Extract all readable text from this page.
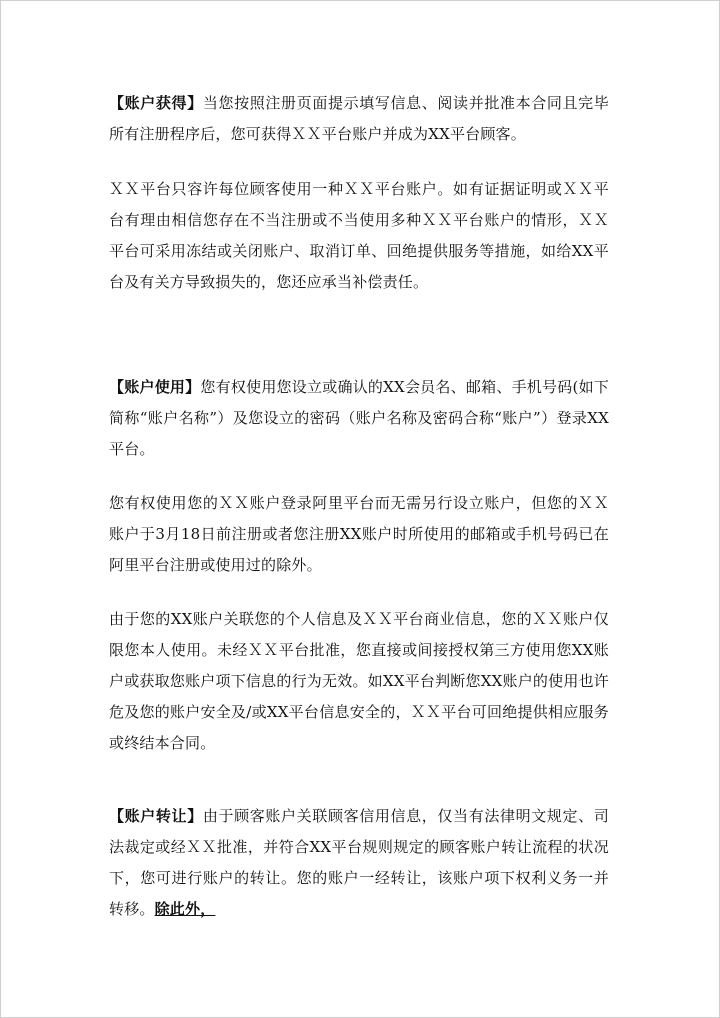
【账户获得】当您按照注册页面提示填写信息、阅读并批准本合同且完毕所有注册程序后，您可获得ＸＸ平台账户并成为XX平台顾客。

ＸＸ平台只容许每位顾客使用一种ＸＸ平台账户。如有证据证明或ＸＸ平台有理由相信您存在不当注册或不当使用多种ＸＸ平台账户的情形，ＸＸ平台可采用冻结或关闭账户、取消订单、回绝提供服务等措施，如给XX平台及有关方导致损失的，您还应承当补偿责任。

【账户使用】您有权使用您设立或确认的XX会员名、邮箱、手机号码(如下简称“账户名称”）及您设立的密码（账户名称及密码合称“账户”）登录XX平台。

您有权使用您的ＸＸ账户登录阿里平台而无需另行设立账户，但您的ＸＸ账户于3月18日前注册或者您注册XX账户时所使用的邮箱或手机号码已在阿里平台注册或使用过的除外。

由于您的XX账户关联您的个人信息及ＸＸ平台商业信息，您的ＸＸ账户仅限您本人使用。未经ＸＸ平台批准，您直接或间接授权第三方使用您XX账户或获取您账户项下信息的行为无效。如XX平台判断您XX账户的使用也许危及您的账户安全及/或XX平台信息安全的，ＸＸ平台可回绝提供相应服务或终结本合同。

【账户转让】由于顾客账户关联顾客信用信息，仅当有法律明文规定、司法裁定或经ＸＸ批准，并符合XX平台规则规定的顾客账户转让流程的状况下，您可进行账户的转让。您的账户一经转让，该账户项下权利义务一并转移。除此外，
